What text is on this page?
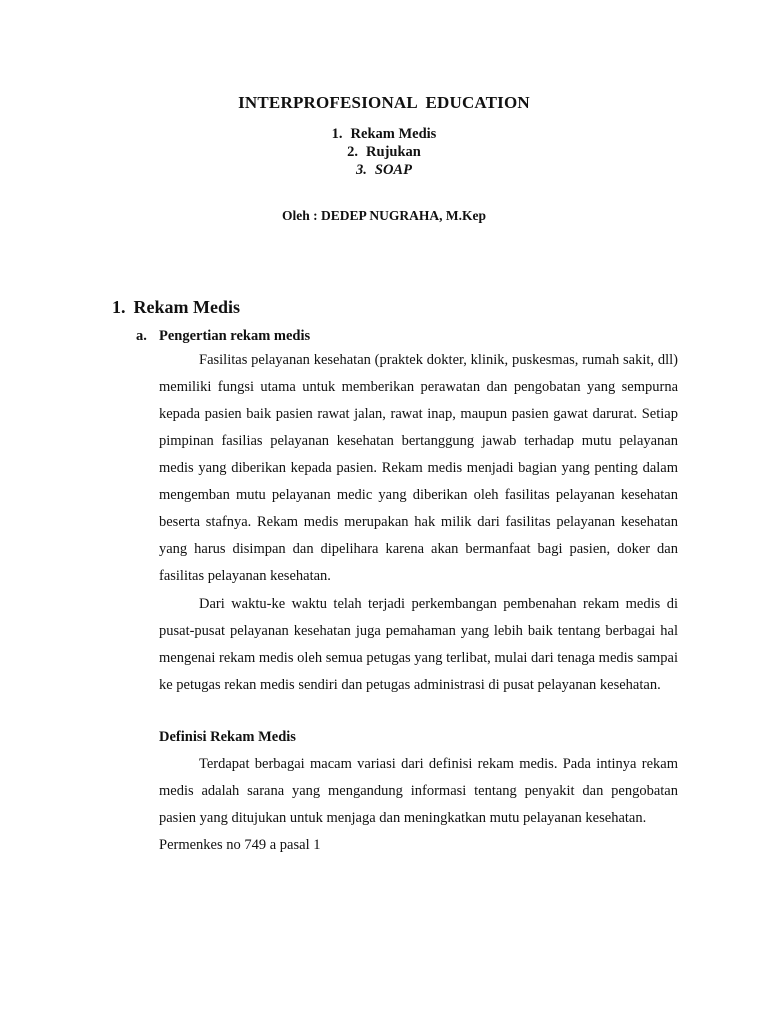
INTERPROFESIONAL EDUCATION
1. Rekam Medis
2. Rujukan
3. SOAP
Oleh : DEDEP NUGRAHA, M.Kep
1. Rekam Medis
a. Pengertian rekam medis

Fasilitas pelayanan kesehatan (praktek dokter, klinik, puskesmas, rumah sakit, dll) memiliki fungsi utama untuk memberikan perawatan dan pengobatan yang sempurna kepada pasien baik pasien rawat jalan, rawat inap, maupun pasien gawat darurat. Setiap pimpinan fasilias pelayanan kesehatan bertanggung jawab terhadap mutu pelayanan medis yang diberikan kepada pasien. Rekam medis menjadi bagian yang penting dalam mengemban mutu pelayanan medic yang diberikan oleh fasilitas pelayanan kesehatan beserta stafnya. Rekam medis merupakan hak milik dari fasilitas pelayanan kesehatan yang harus disimpan dan dipelihara karena akan bermanfaat bagi pasien, doker dan fasilitas pelayanan kesehatan.

Dari waktu-ke waktu telah terjadi perkembangan pembenahan rekam medis di pusat-pusat pelayanan kesehatan juga pemahaman yang lebih baik tentang berbagai hal mengenai rekam medis oleh semua petugas yang terlibat, mulai dari tenaga medis sampai ke petugas rekan medis sendiri dan petugas administrasi di pusat pelayanan kesehatan.

Definisi Rekam Medis

Terdapat berbagai macam variasi dari definisi rekam medis. Pada intinya rekam medis adalah sarana yang mengandung informasi tentang penyakit dan pengobatan pasien yang ditujukan untuk menjaga dan meningkatkan mutu pelayanan kesehatan.

Permenkes no 749 a pasal 1
